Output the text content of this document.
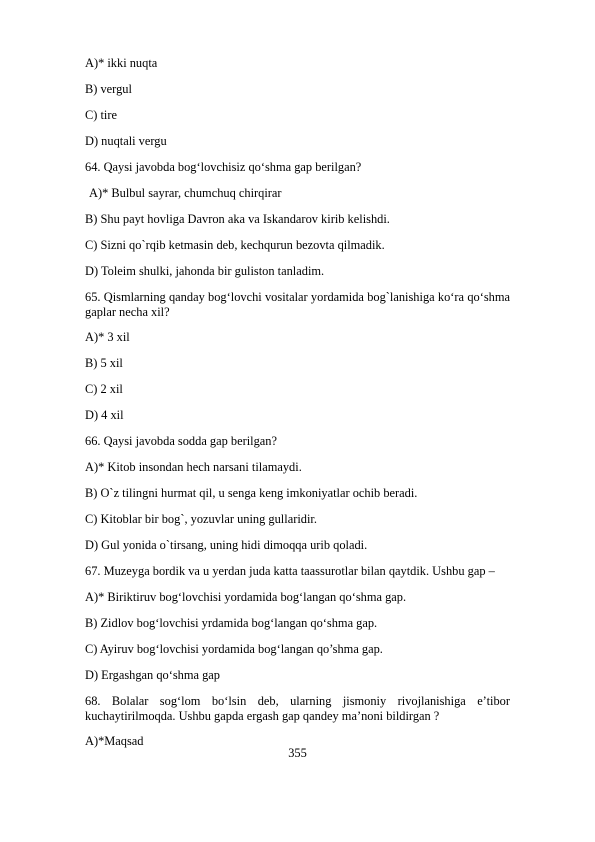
A)* ikki nuqta
B) vergul
C) tire
D) nuqtali vergu
64. Qaysi javobda bog‘lovchisiz qo‘shma gap berilgan?
A)* Bulbul sayrar, chumchuq chirqirar
B) Shu payt hovliga Davron aka va Iskandarov kirib kelishdi.
C) Sizni qo`rqib ketmasin deb, kechqurun bezovta qilmadik.
D) Toleim shulki, jahonda bir guliston tanladim.
65. Qismlarning qanday bog‘lovchi vositalar yordamida bog`lanishiga ko‘ra qo‘shma gaplar necha xil?
A)* 3 xil
B) 5 xil
C) 2 xil
D) 4 xil
66. Qaysi javobda sodda gap berilgan?
A)* Kitob insondan hech narsani tilamaydi.
B) O`z tilingni hurmat qil, u senga keng imkoniyatlar ochib beradi.
C) Kitoblar bir bog`, yozuvlar uning gullaridir.
D) Gul yonida o`tirsang, uning hidi dimoqqa urib qoladi.
67. Muzeyga bordik va u yerdan juda katta taassurotlar bilan qaytdik. Ushbu gap –
A)* Biriktiruv bog‘lovchisi yordamida bog‘langan qo‘shma gap.
B) Zidlov bog‘lovchisi yrdamida bog‘langan qo‘shma gap.
C) Ayiruv bog‘lovchisi yordamida bog‘langan qo’shma gap.
D) Ergashgan qo‘shma gap
68. Bolalar sog‘lom bo‘lsin deb, ularning jismoniy rivojlanishiga e’tibor kuchaytirilmoqda. Ushbu gapda ergash gap qandey ma’noni bildirgan ?
A)*Maqsad
355
